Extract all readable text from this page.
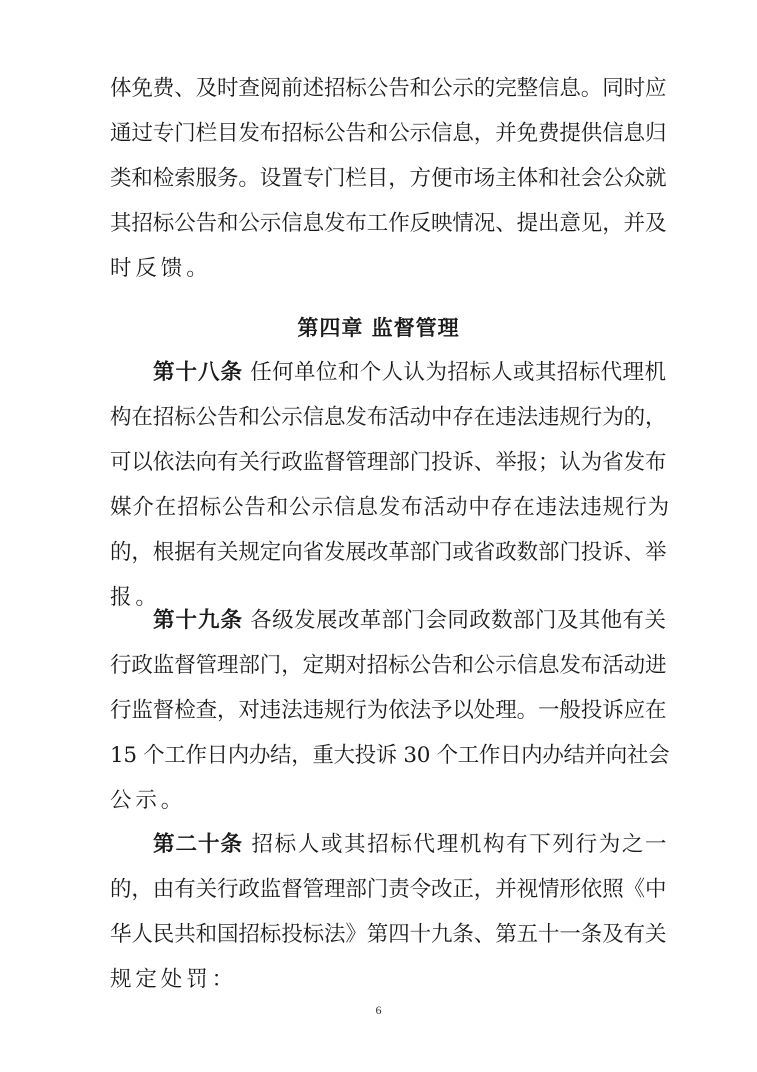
体免费、及时查阅前述招标公告和公示的完整信息。同时应
通过专门栏目发布招标公告和公示信息，并免费提供信息归
类和检索服务。设置专门栏目，方便市场主体和社会公众就
其招标公告和公示信息发布工作反映情况、提出意见，并及
时反馈。
第四章 监督管理
第十八条 任何单位和个人认为招标人或其招标代理机
构在招标公告和公示信息发布活动中存在违法违规行为的，
可以依法向有关行政监督管理部门投诉、举报；认为省发布
媒介在招标公告和公示信息发布活动中存在违法违规行为
的，根据有关规定向省发展改革部门或省政数部门投诉、举
报。
第十九条 各级发展改革部门会同政数部门及其他有关
行政监督管理部门，定期对招标公告和公示信息发布活动进
行监督检查，对违法违规行为依法予以处理。一般投诉应在
15 个工作日内办结，重大投诉 30 个工作日内办结并向社会
公示。
第二十条 招标人或其招标代理机构有下列行为之一
的，由有关行政监督管理部门责令改正，并视情形依照《中
华人民共和国招标投标法》第四十九条、第五十一条及有关
规定处罚：
6
